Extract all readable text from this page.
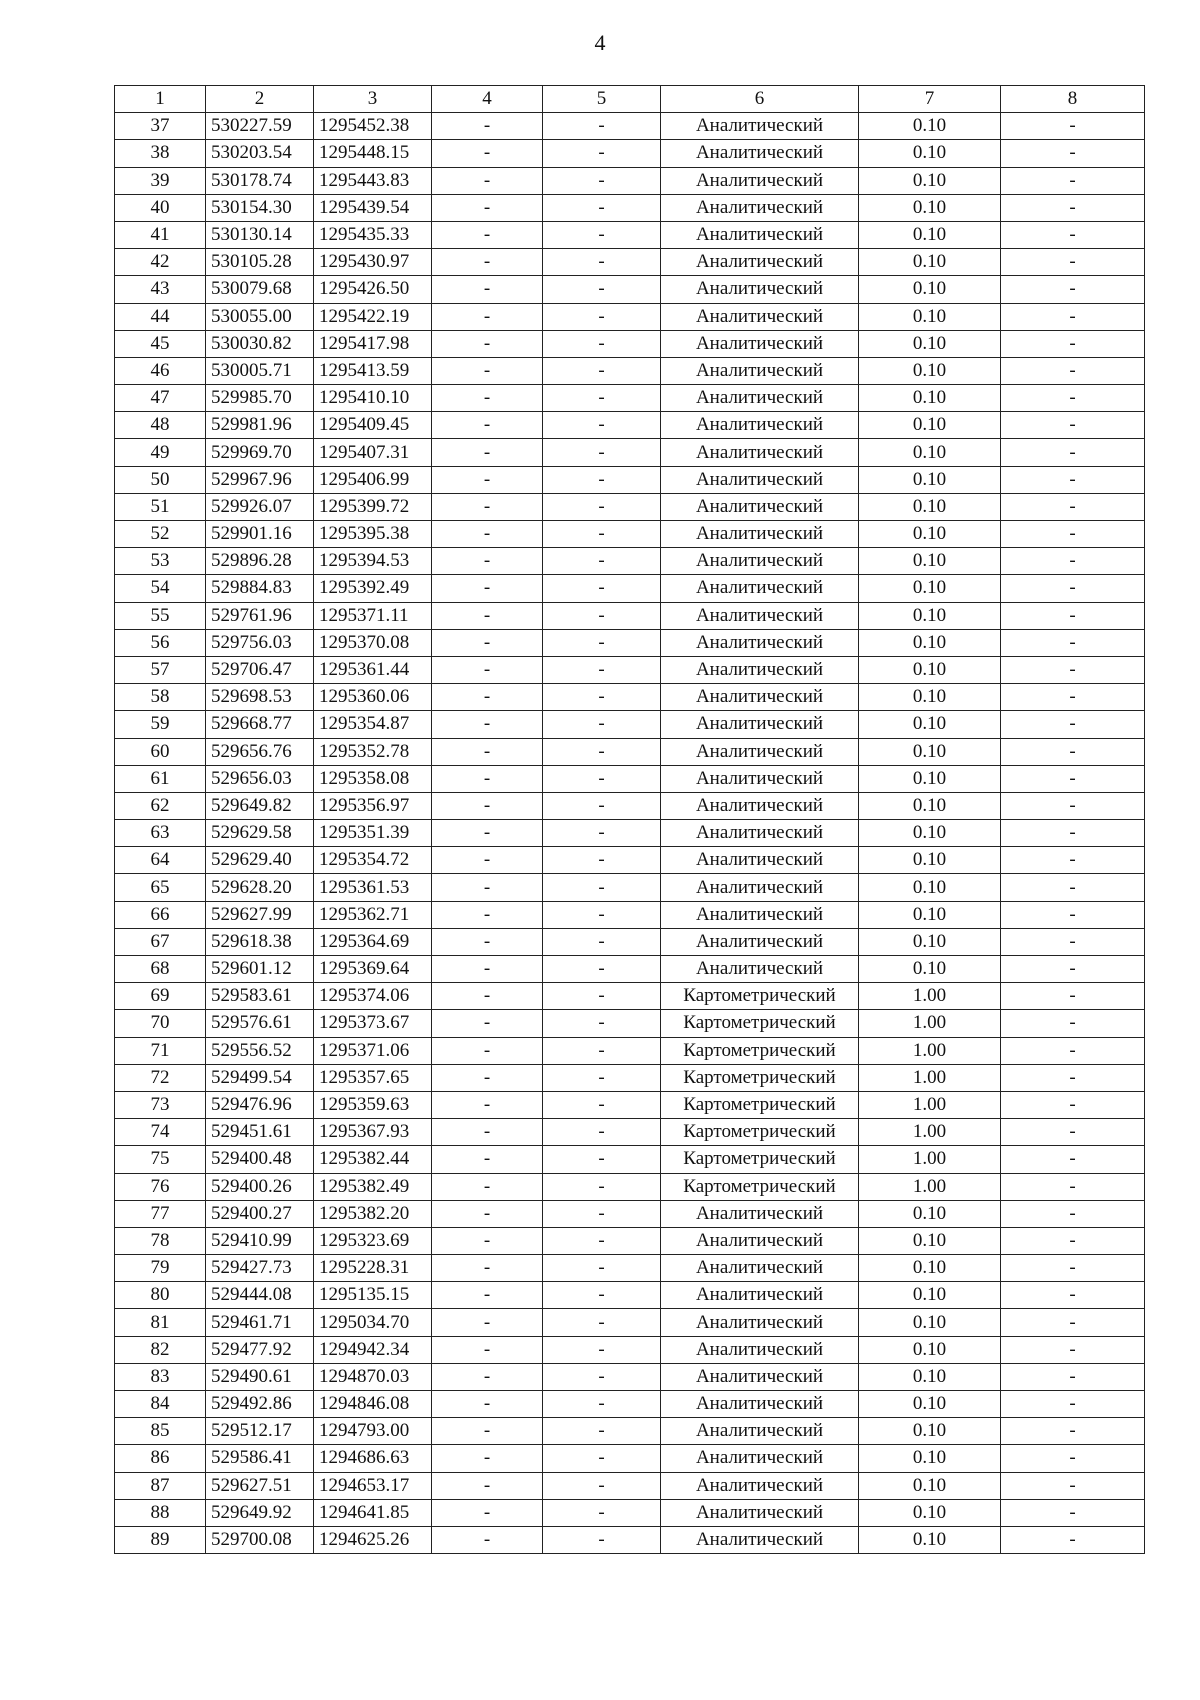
4
1	2	3	4	5	6	7	8
37	530227.59	1295452.38	-	-	Аналитический	0.10	-
38	530203.54	1295448.15	-	-	Аналитический	0.10	-
39	530178.74	1295443.83	-	-	Аналитический	0.10	-
40	530154.30	1295439.54	-	-	Аналитический	0.10	-
41	530130.14	1295435.33	-	-	Аналитический	0.10	-
42	530105.28	1295430.97	-	-	Аналитический	0.10	-
43	530079.68	1295426.50	-	-	Аналитический	0.10	-
44	530055.00	1295422.19	-	-	Аналитический	0.10	-
45	530030.82	1295417.98	-	-	Аналитический	0.10	-
46	530005.71	1295413.59	-	-	Аналитический	0.10	-
47	529985.70	1295410.10	-	-	Аналитический	0.10	-
48	529981.96	1295409.45	-	-	Аналитический	0.10	-
49	529969.70	1295407.31	-	-	Аналитический	0.10	-
50	529967.96	1295406.99	-	-	Аналитический	0.10	-
51	529926.07	1295399.72	-	-	Аналитический	0.10	-
52	529901.16	1295395.38	-	-	Аналитический	0.10	-
53	529896.28	1295394.53	-	-	Аналитический	0.10	-
54	529884.83	1295392.49	-	-	Аналитический	0.10	-
55	529761.96	1295371.11	-	-	Аналитический	0.10	-
56	529756.03	1295370.08	-	-	Аналитический	0.10	-
57	529706.47	1295361.44	-	-	Аналитический	0.10	-
58	529698.53	1295360.06	-	-	Аналитический	0.10	-
59	529668.77	1295354.87	-	-	Аналитический	0.10	-
60	529656.76	1295352.78	-	-	Аналитический	0.10	-
61	529656.03	1295358.08	-	-	Аналитический	0.10	-
62	529649.82	1295356.97	-	-	Аналитический	0.10	-
63	529629.58	1295351.39	-	-	Аналитический	0.10	-
64	529629.40	1295354.72	-	-	Аналитический	0.10	-
65	529628.20	1295361.53	-	-	Аналитический	0.10	-
66	529627.99	1295362.71	-	-	Аналитический	0.10	-
67	529618.38	1295364.69	-	-	Аналитический	0.10	-
68	529601.12	1295369.64	-	-	Аналитический	0.10	-
69	529583.61	1295374.06	-	-	Картометрический	1.00	-
70	529576.61	1295373.67	-	-	Картометрический	1.00	-
71	529556.52	1295371.06	-	-	Картометрический	1.00	-
72	529499.54	1295357.65	-	-	Картометрический	1.00	-
73	529476.96	1295359.63	-	-	Картометрический	1.00	-
74	529451.61	1295367.93	-	-	Картометрический	1.00	-
75	529400.48	1295382.44	-	-	Картометрический	1.00	-
76	529400.26	1295382.49	-	-	Картометрический	1.00	-
77	529400.27	1295382.20	-	-	Аналитический	0.10	-
78	529410.99	1295323.69	-	-	Аналитический	0.10	-
79	529427.73	1295228.31	-	-	Аналитический	0.10	-
80	529444.08	1295135.15	-	-	Аналитический	0.10	-
81	529461.71	1295034.70	-	-	Аналитический	0.10	-
82	529477.92	1294942.34	-	-	Аналитический	0.10	-
83	529490.61	1294870.03	-	-	Аналитический	0.10	-
84	529492.86	1294846.08	-	-	Аналитический	0.10	-
85	529512.17	1294793.00	-	-	Аналитический	0.10	-
86	529586.41	1294686.63	-	-	Аналитический	0.10	-
87	529627.51	1294653.17	-	-	Аналитический	0.10	-
88	529649.92	1294641.85	-	-	Аналитический	0.10	-
89	529700.08	1294625.26	-	-	Аналитический	0.10	-
